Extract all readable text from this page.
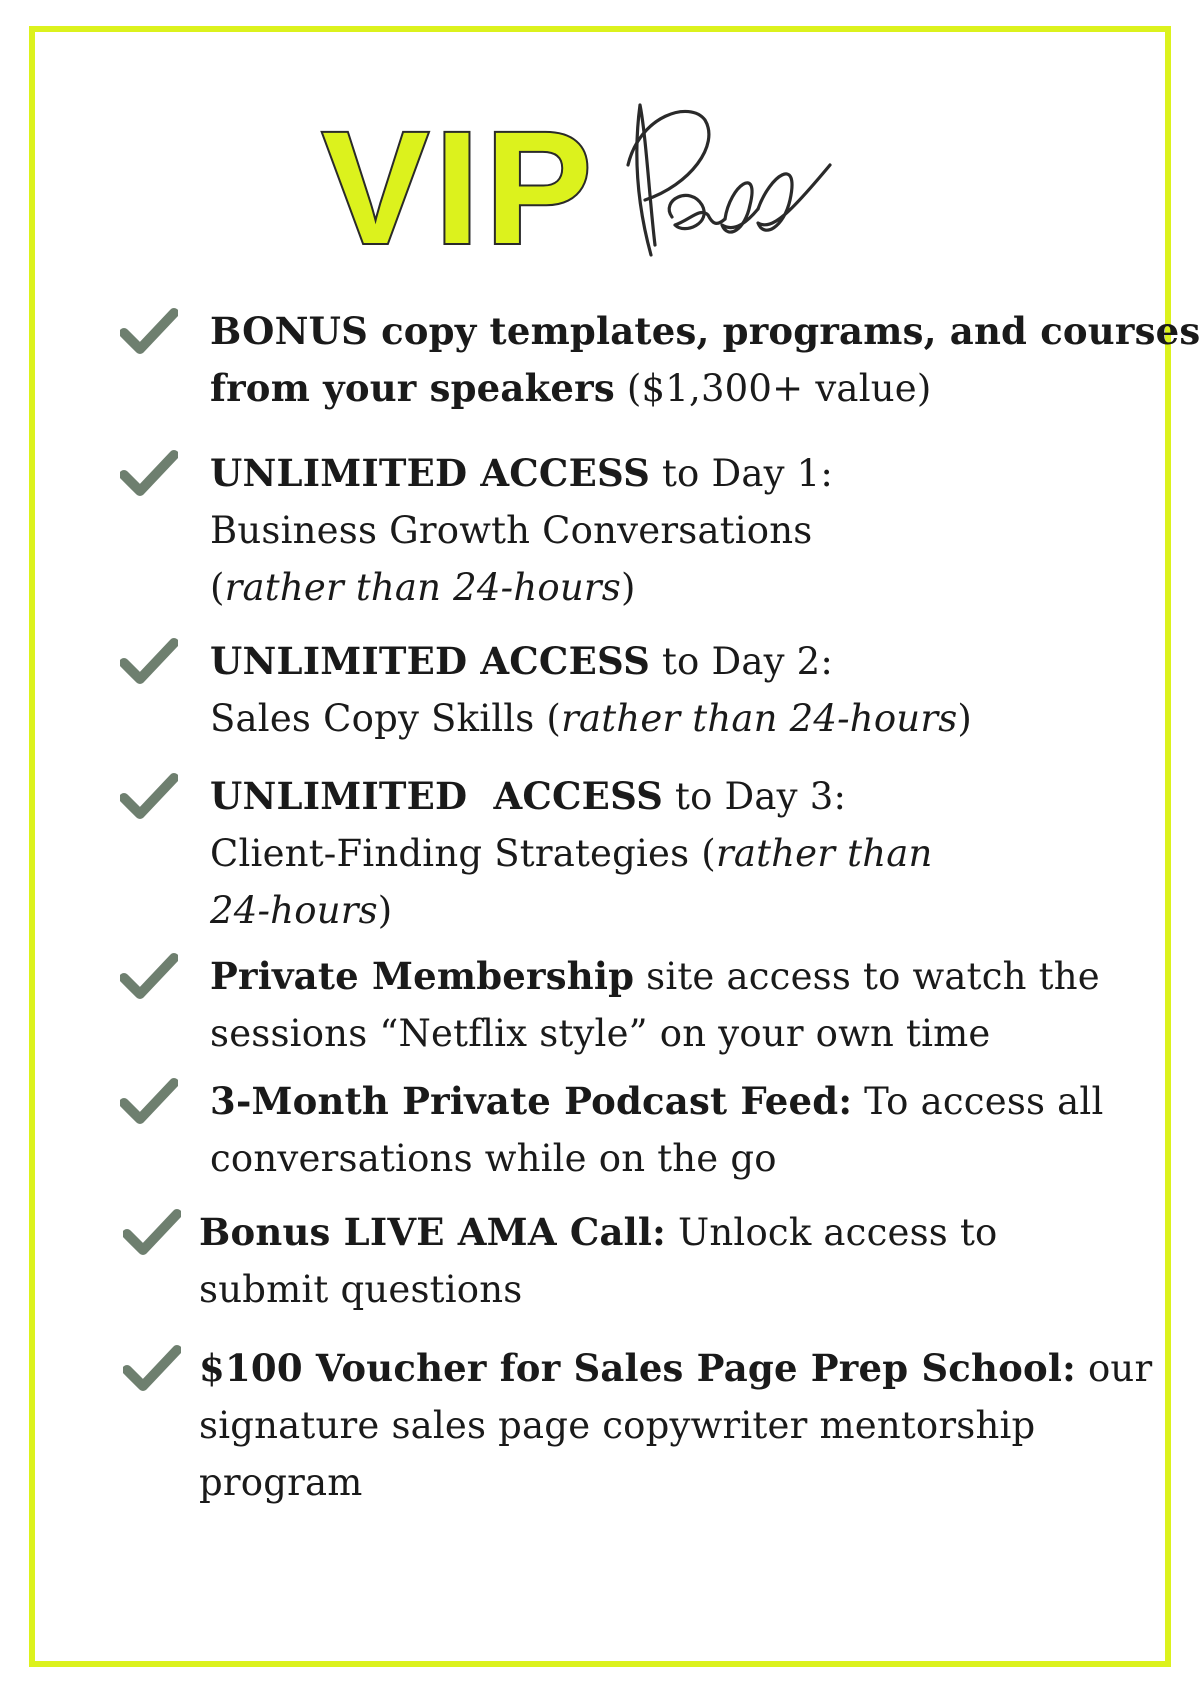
VIP
BONUS copy templates, programs, and courses
from your speakers ($1,300+ value)
UNLIMITED ACCESS to Day 1:
Business Growth Conversations
(rather than 24-hours)
UNLIMITED ACCESS to Day 2:
Sales Copy Skills (rather than 24-hours)
UNLIMITED  ACCESS to Day 3:
Client-Finding Strategies (rather than
24-hours)
Private Membership site access to watch the
sessions “Netflix style” on your own time
3-Month Private Podcast Feed: To access all
conversations while on the go
Bonus LIVE AMA Call: Unlock access to
submit questions
$100 Voucher for Sales Page Prep School: our
signature sales page copywriter mentorship
program
